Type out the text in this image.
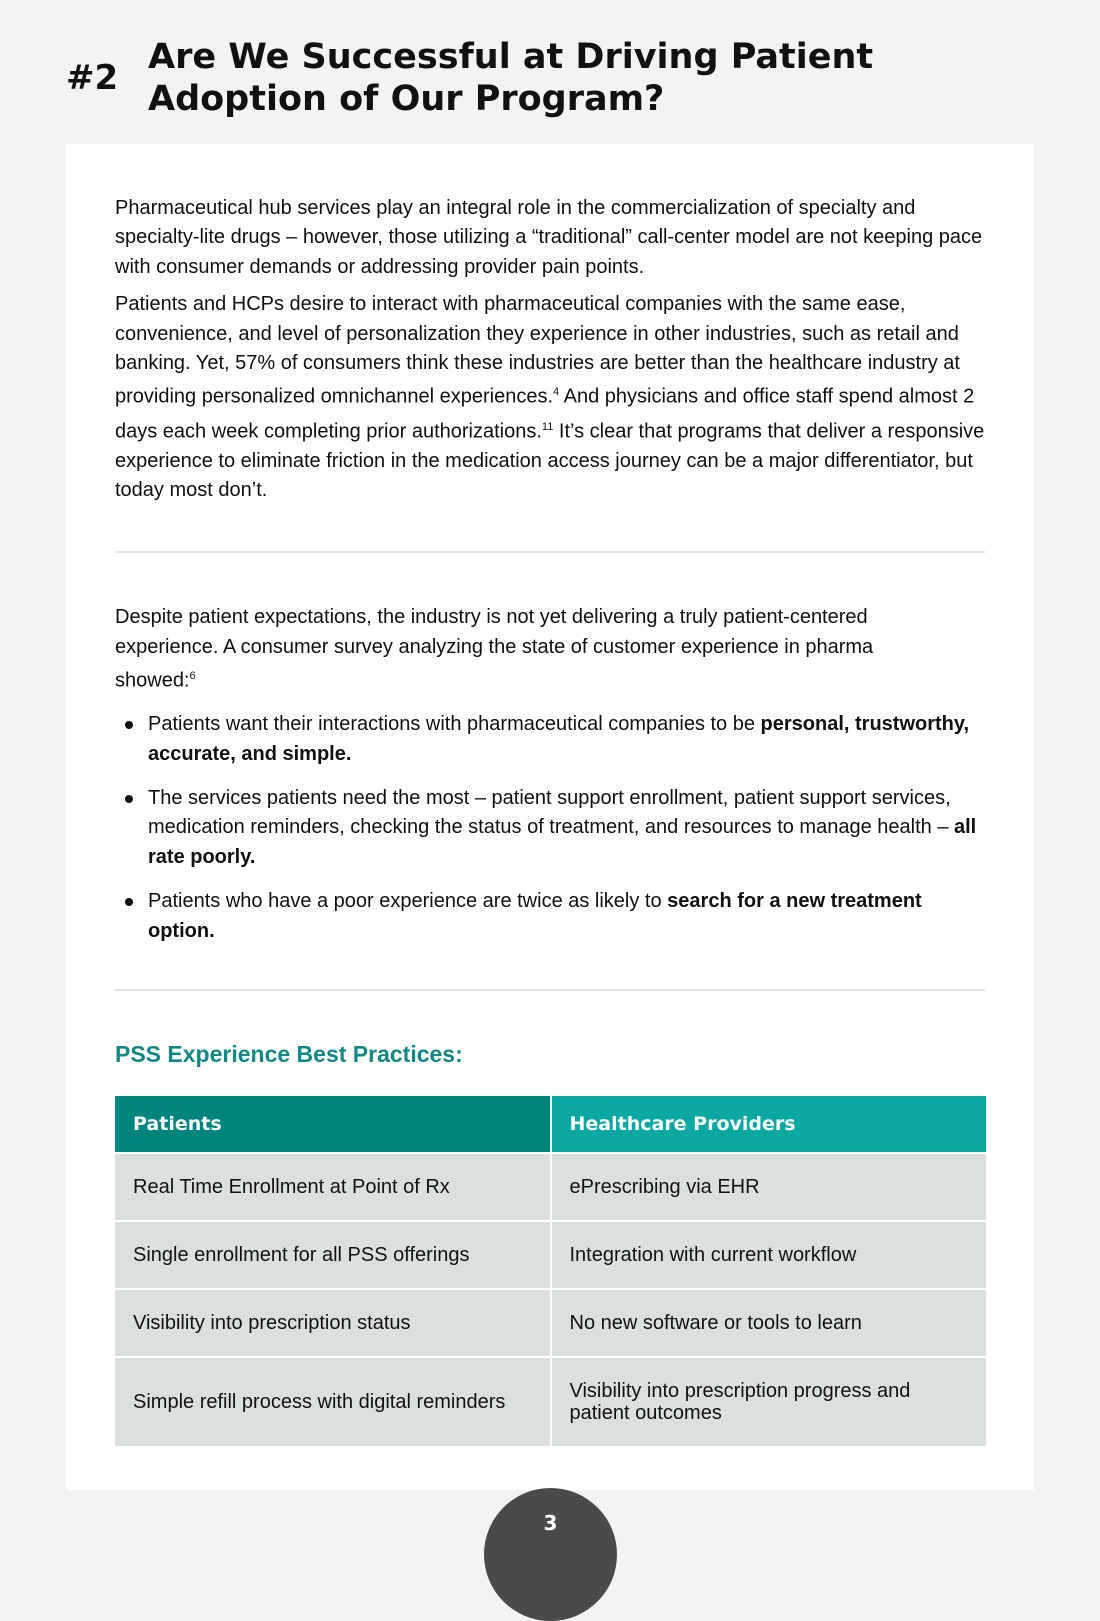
#2
Are We Successful at Driving Patient Adoption of Our Program?

Pharmaceutical hub services play an integral role in the commercialization of specialty and specialty-lite drugs – however, those utilizing a “traditional” call-center model are not keeping pace with consumer demands or addressing provider pain points.

Patients and HCPs desire to interact with pharmaceutical companies with the same ease, convenience, and level of personalization they experience in other industries, such as retail and banking. Yet, 57% of consumers think these industries are better than the healthcare industry at providing personalized omnichannel experiences.$^4$ And physicians and office staff spend almost 2 days each week completing prior authorizations.$^{11}$ It’s clear that programs that deliver a responsive experience to eliminate friction in the medication access journey can be a major differentiator, but today most don’t.

Despite patient expectations, the industry is not yet delivering a truly patient-centered experience. A consumer survey analyzing the state of customer experience in pharma showed:$^6$

Patients want their interactions with pharmaceutical companies to be personal, trustworthy, accurate, and simple.
The services patients need the most – patient support enrollment, patient support services, medication reminders, checking the status of treatment, and resources to manage health – all rate poorly.
Patients who have a poor experience are twice as likely to search for a new treatment option.
PSS Experience Best Practices:
Patients	Healthcare Providers
Real Time Enrollment at Point of Rx	ePrescribing via EHR
Single enrollment for all PSS offerings	Integration with current workflow
Visibility into prescription status	No new software or tools to learn
Simple refill process with digital reminders	Visibility into prescription progress and patient outcomes
3
